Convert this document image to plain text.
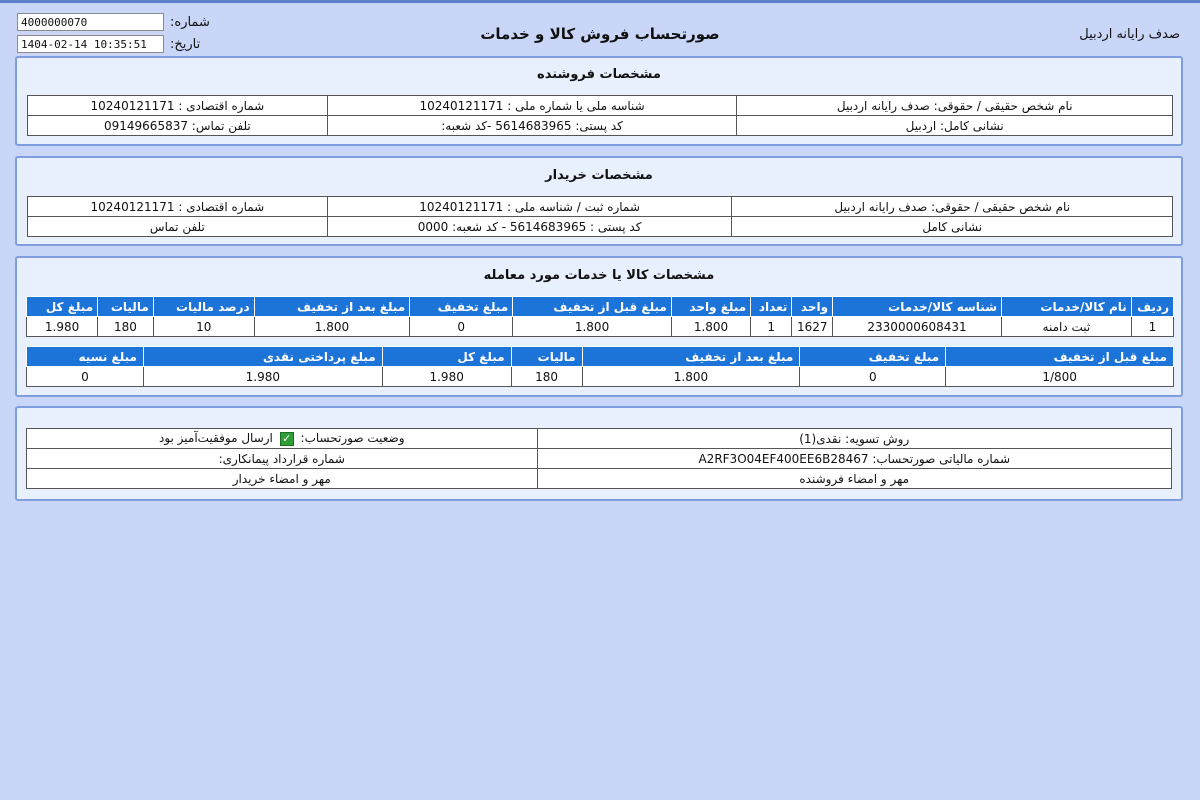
4000000070	شماره:
1404-02-14 10:35:51	تاریخ:
صورتحساب فروش کالا و خدمات	صدف رایانه اردبیل
مشخصات فروشنده
شماره اقتصادی : 10240121171	شناسه ملی یا شماره ملی : 10240121171	نام شخص حقیقی / حقوقی: صدف رایانه اردبیل
تلفن تماس: 09149665837	کد پستی: 5614683965 -کد شعبه:	نشانی کامل: اردبیل
مشخصات خریدار
شماره اقتصادی : 10240121171	شماره ثبت / شناسه ملی : 10240121171	نام شخص حقیقی / حقوقی: صدف رایانه اردبیل
تلفن تماس	کد پستی : 5614683965 - کد شعبه: 0000	نشانی کامل
مشخصات کالا یا خدمات مورد معامله
ردیف	نام کالا/خدمات	شناسه کالا/خدمات	واحد	تعداد	مبلغ واحد	مبلغ قبل از تخفیف	مبلغ تخفیف	مبلغ بعد از تخفیف	درصد مالیات	مالیات	مبلغ کل
1	ثبت دامنه	2330000608431	1627	1	1.800	1.800	0	1.800	10	180	1.980
مبلغ قبل از تخفیف	مبلغ تخفیف	مبلغ بعد از تخفیف	مالیات	مبلغ کل	مبلغ پرداختی نقدی	مبلغ نسیه
1/800	0	1.800	180	1.980	1.980	0
وضعیت صورتحساب: ✓ ارسال موفقیت‌آمیز بود	روش تسویه: نقدی(1)
شماره قرارداد پیمانکاری:	شماره مالیاتی صورتحساب: A2RF3O04EF400EE6B28467
مهر و امضاء خریدار	مهر و امضاء فروشنده
